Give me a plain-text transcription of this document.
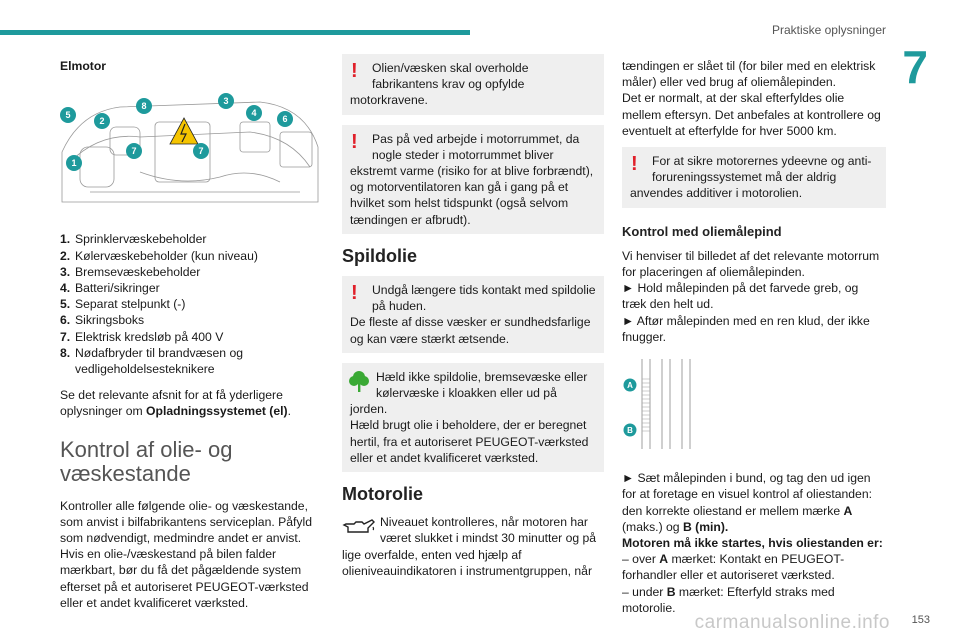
Praktiske oplysninger
7
Elmotor
1
2
3
4
5	6
7	7
8
1. Sprinklervæskebeholder
2. Kølervæskebeholder (kun niveau)
3. Bremsevæskebeholder
4. Batteri/sikringer
5. Separat stelpunkt (-)
6. Sikringsboks
7. Elektrisk kredsløb på 400 V
8. Nødafbryder til brandvæsen og vedligeholdelsesteknikere
Se det relevante afsnit for at få yderligere oplysninger om Opladningssystemet (el).
Kontrol af olie- og væskestande
Kontroller alle følgende olie- og væskestande, som anvist i bilfabrikantens serviceplan. Påfyld som nødvendigt, medmindre andet er anvist. Hvis en olie-/væskestand på bilen falder mærkbart, bør du få det pågældende system efterset på et autoriseret PEUGEOT-værksted eller et andet kvalificeret værksted.
!	Olien/væsken skal overholde fabrikantens krav og opfylde
motorkravene.
!	Pas på ved arbejde i motorrummet, da nogle steder i motorrummet bliver
ekstremt varme (risiko for at blive forbrændt), og motorventilatoren kan gå i gang på et hvilket som helst tidspunkt (også selvom tændingen er afbrudt).
Spildolie
!	Undgå længere tids kontakt med spildolie på huden.
De fleste af disse væsker er sundhedsfarlige og kan være stærkt ætsende.
Hæld ikke spildolie, bremsevæske eller kølervæske i kloakken eller ud på
jorden.
Hæld brugt olie i beholdere, der er beregnet hertil, fra et autoriseret PEUGEOT-værksted eller et andet kvalificeret værksted.
Motorolie
Niveauet kontrolleres, når motoren har været slukket i mindst 30 minutter og på
lige overfalde, enten ved hjælp af olieniveauindikatoren i instrumentgruppen, når
tændingen er slået til (for biler med en elektrisk måler) eller ved brug af oliemålepinden.
Det er normalt, at der skal efterfyldes olie mellem eftersyn. Det anbefales at kontrollere og eventuelt at efterfylde for hver 5000 km.
!	For at sikre motorernes ydeevne og anti-forureningssystemet må der aldrig
anvendes additiver i motorolien.
Kontrol med oliemålepind
Vi henviser til billedet af det relevante motorrum for placeringen af oliemålepinden.
► Hold målepinden på det farvede greb, og træk den helt ud.
► Aftør målepinden med en ren klud, der ikke fnugger.
A
B
► Sæt målepinden i bund, og tag den ud igen for at foretage en visuel kontrol af oliestanden: den korrekte oliestand er mellem mærke A (maks.) og B (min).
Motoren må ikke startes, hvis oliestanden er:
– over A mærket: Kontakt en PEUGEOT-forhandler eller et autoriseret værksted.
– under B mærket: Efterfyld straks med motorolie.
carmanualsonline.info 153
